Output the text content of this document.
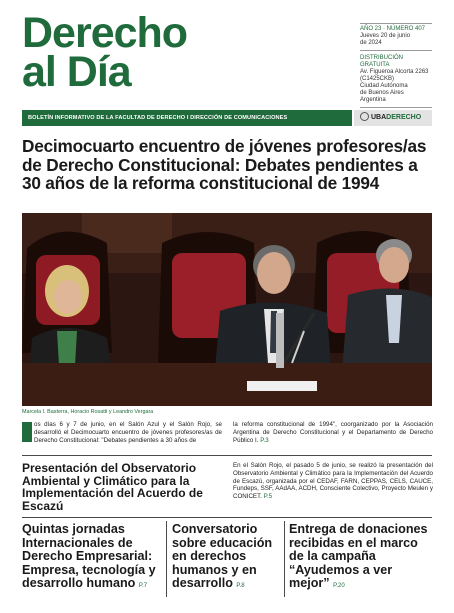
Derecho
al Día
AÑO 23 · NÚMERO 407
Jueves 20 de junio
de 2024
DISTRIBUCIÓN GRATUITA
Av. Figueroa Alcorta 2263
(C1425CKB)
Ciudad Autónoma
de Buenos Aires
Argentina
BOLETÍN INFORMATIVO DE LA FACULTAD DE DERECHO I DIRECCIÓN DE COMUNICACIONES	UBADERECHO
Decimocuarto encuentro de jóvenes profesores/as de Derecho Constitucional: Debates pendientes a 30 años de la reforma constitucional de 1994
Marcela I. Basterra, Horacio Rosatti y Leandro Vergara
os días 6 y 7 de junio, en el Salón Azul y el Salón Rojo, se desarrolló el Decimocuarto encuentro de jóvenes profesores/as de Derecho Constitucional: "Debates pendientes a 30 años de
la reforma constitucional de 1994", coorganizado por la Asociación Argentina de Derecho Constitucional y el Departamento de Derecho Público I. P.3
Presentación del Observatorio Ambiental y Climático para la Implementación del Acuerdo de Escazú
En el Salón Rojo, el pasado 5 de junio, se realizó la presentación del Observatorio Ambiental y Climático para la Implementación del Acuerdo de Escazú, organizada por el CEDAF, FARN, CEPPAS, CELS, CAUCE, Fundeps, SSF, AAdAA, ACDH, Consciente Colectivo, Proyecto Meulen y CONICET. P.5
Quintas jornadas Internacionales de Derecho Empresarial: Empresa, tecnología y desarrollo humano P.7
Conversatorio sobre educación en derechos humanos y en desarrollo P.8
Entrega de donaciones recibidas en el marco de la campaña “Ayudemos a ver mejor” P.20
